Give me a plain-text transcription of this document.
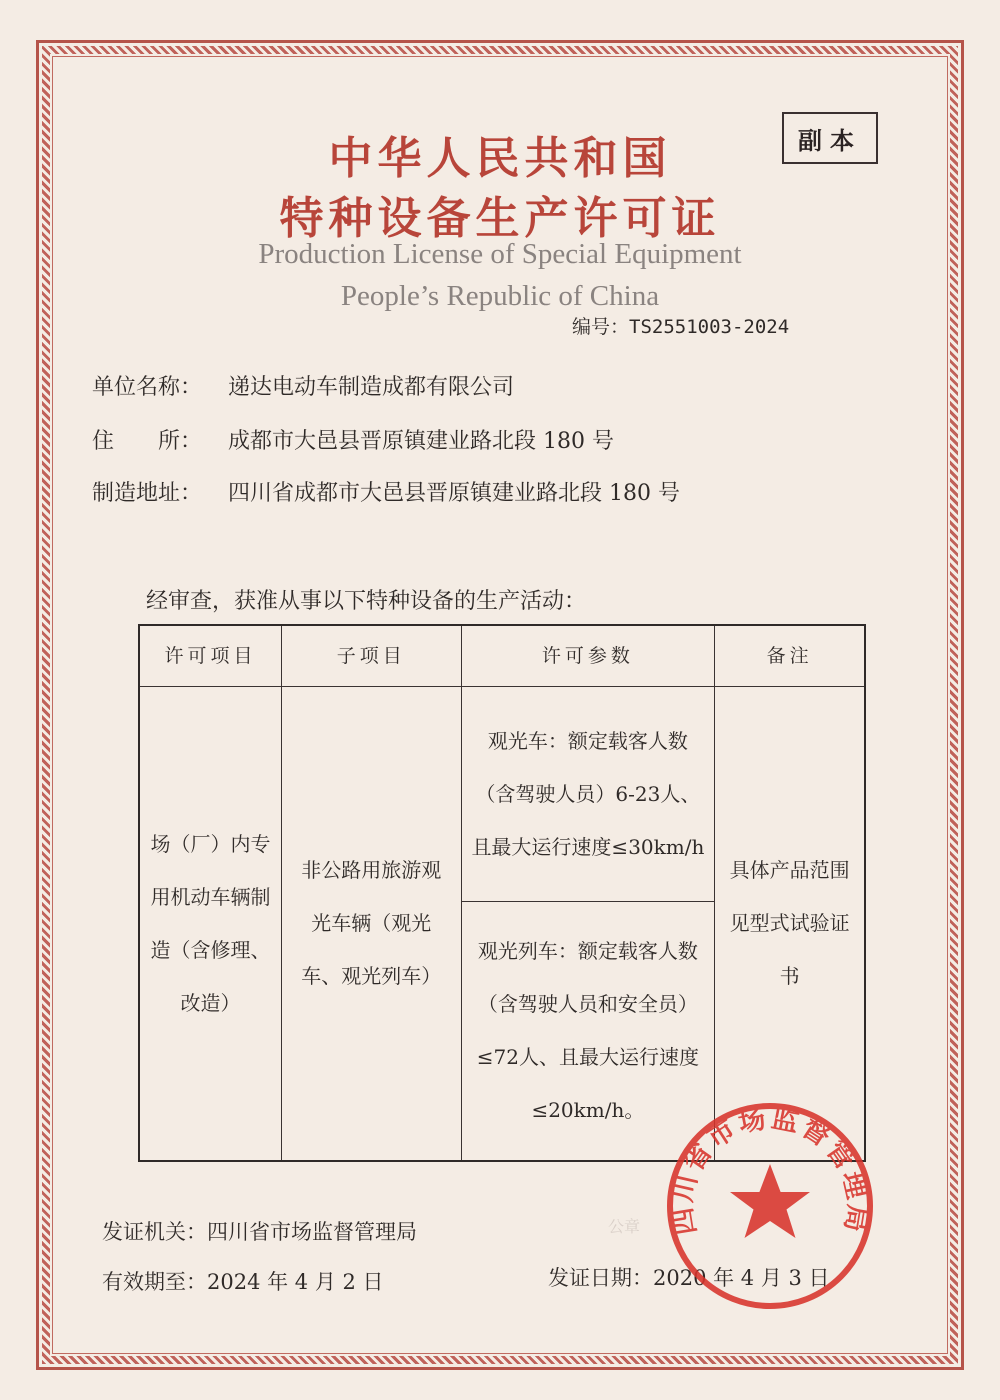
副本
中华人民共和国
特种设备生产许可证
Production License of Special Equipment
People’s Republic of China
编号：TS2551003-2024
单位名称： 递达电动车制造成都有限公司
住　　所： 成都市大邑县晋原镇建业路北段 180 号
制造地址： 四川省成都市大邑县晋原镇建业路北段 180 号
经审查，获准从事以下特种设备的生产活动：
许可项目	子项目	许可参数	备注
场（厂）内专用机动车辆制造（含修理、改造）	非公路用旅游观光车辆（观光车、观光列车）	观光车：额定载客人数（含驾驶人员）6-23人、且最大运行速度≤30km/h	具体产品范围见型式试验证书
		观光列车：额定载客人数（含驾驶人员和安全员）≤72人、且最大运行速度≤20km/h。	
发证机关：四川省市场监督管理局
有效期至：2024 年 4 月 2 日	发证日期：2020 年 4 月 3 日
公章 四川省市场监督管理局
